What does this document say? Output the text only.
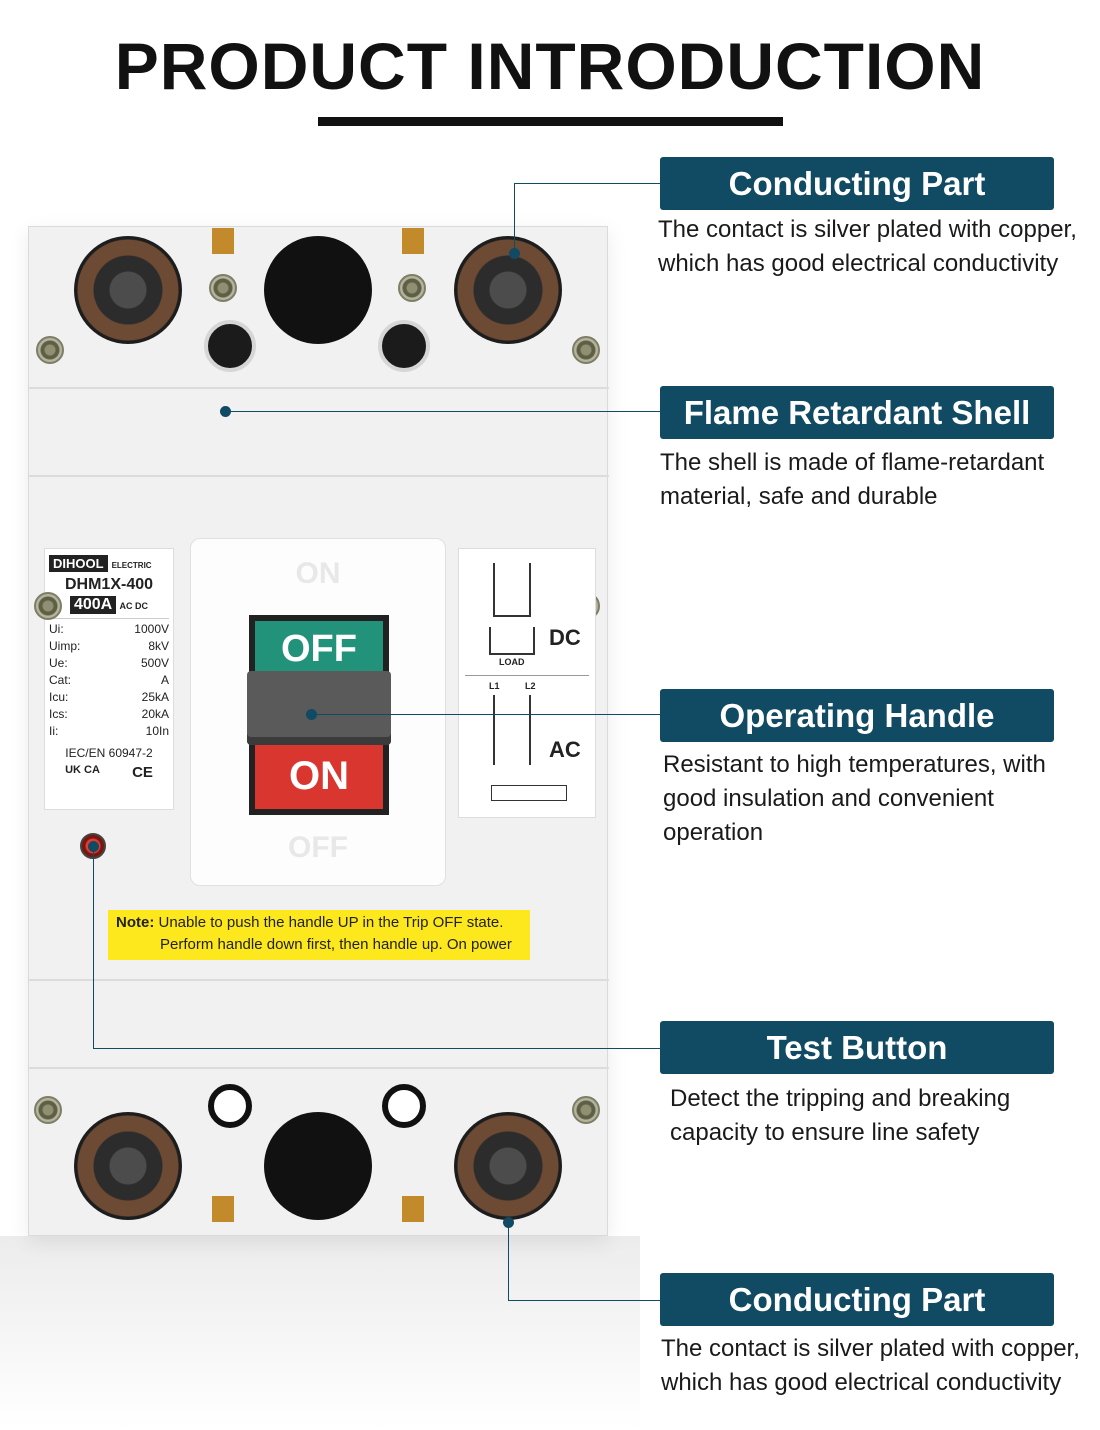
PRODUCT INTRODUCTION
DIHOOL ELECTRIC
DHM1X-400
400A AC DC
Ui:	1000V
Uimp:	8kV
Ue:	500V
Cat:	A
Icu:	25kA
Ics:	20kA
Ii:	10In
IEC/EN 60947-2
UK CA CE
ON
OFF
ON
OFF
LOAD
DC
L1	L2
AC
Note: Unable to push the handle UP in the Trip OFF state.
Perform handle down first, then handle up. On power
Conducting Part
The contact is silver plated with copper,
which has good electrical conductivity
Flame Retardant Shell
The shell is made of flame-retardant
material, safe and durable
Operating Handle
Resistant to high temperatures, with
good insulation and convenient
operation
Test Button
Detect the tripping and breaking
capacity to ensure line safety
Conducting Part
The contact is silver plated with copper,
which has good electrical conductivity
